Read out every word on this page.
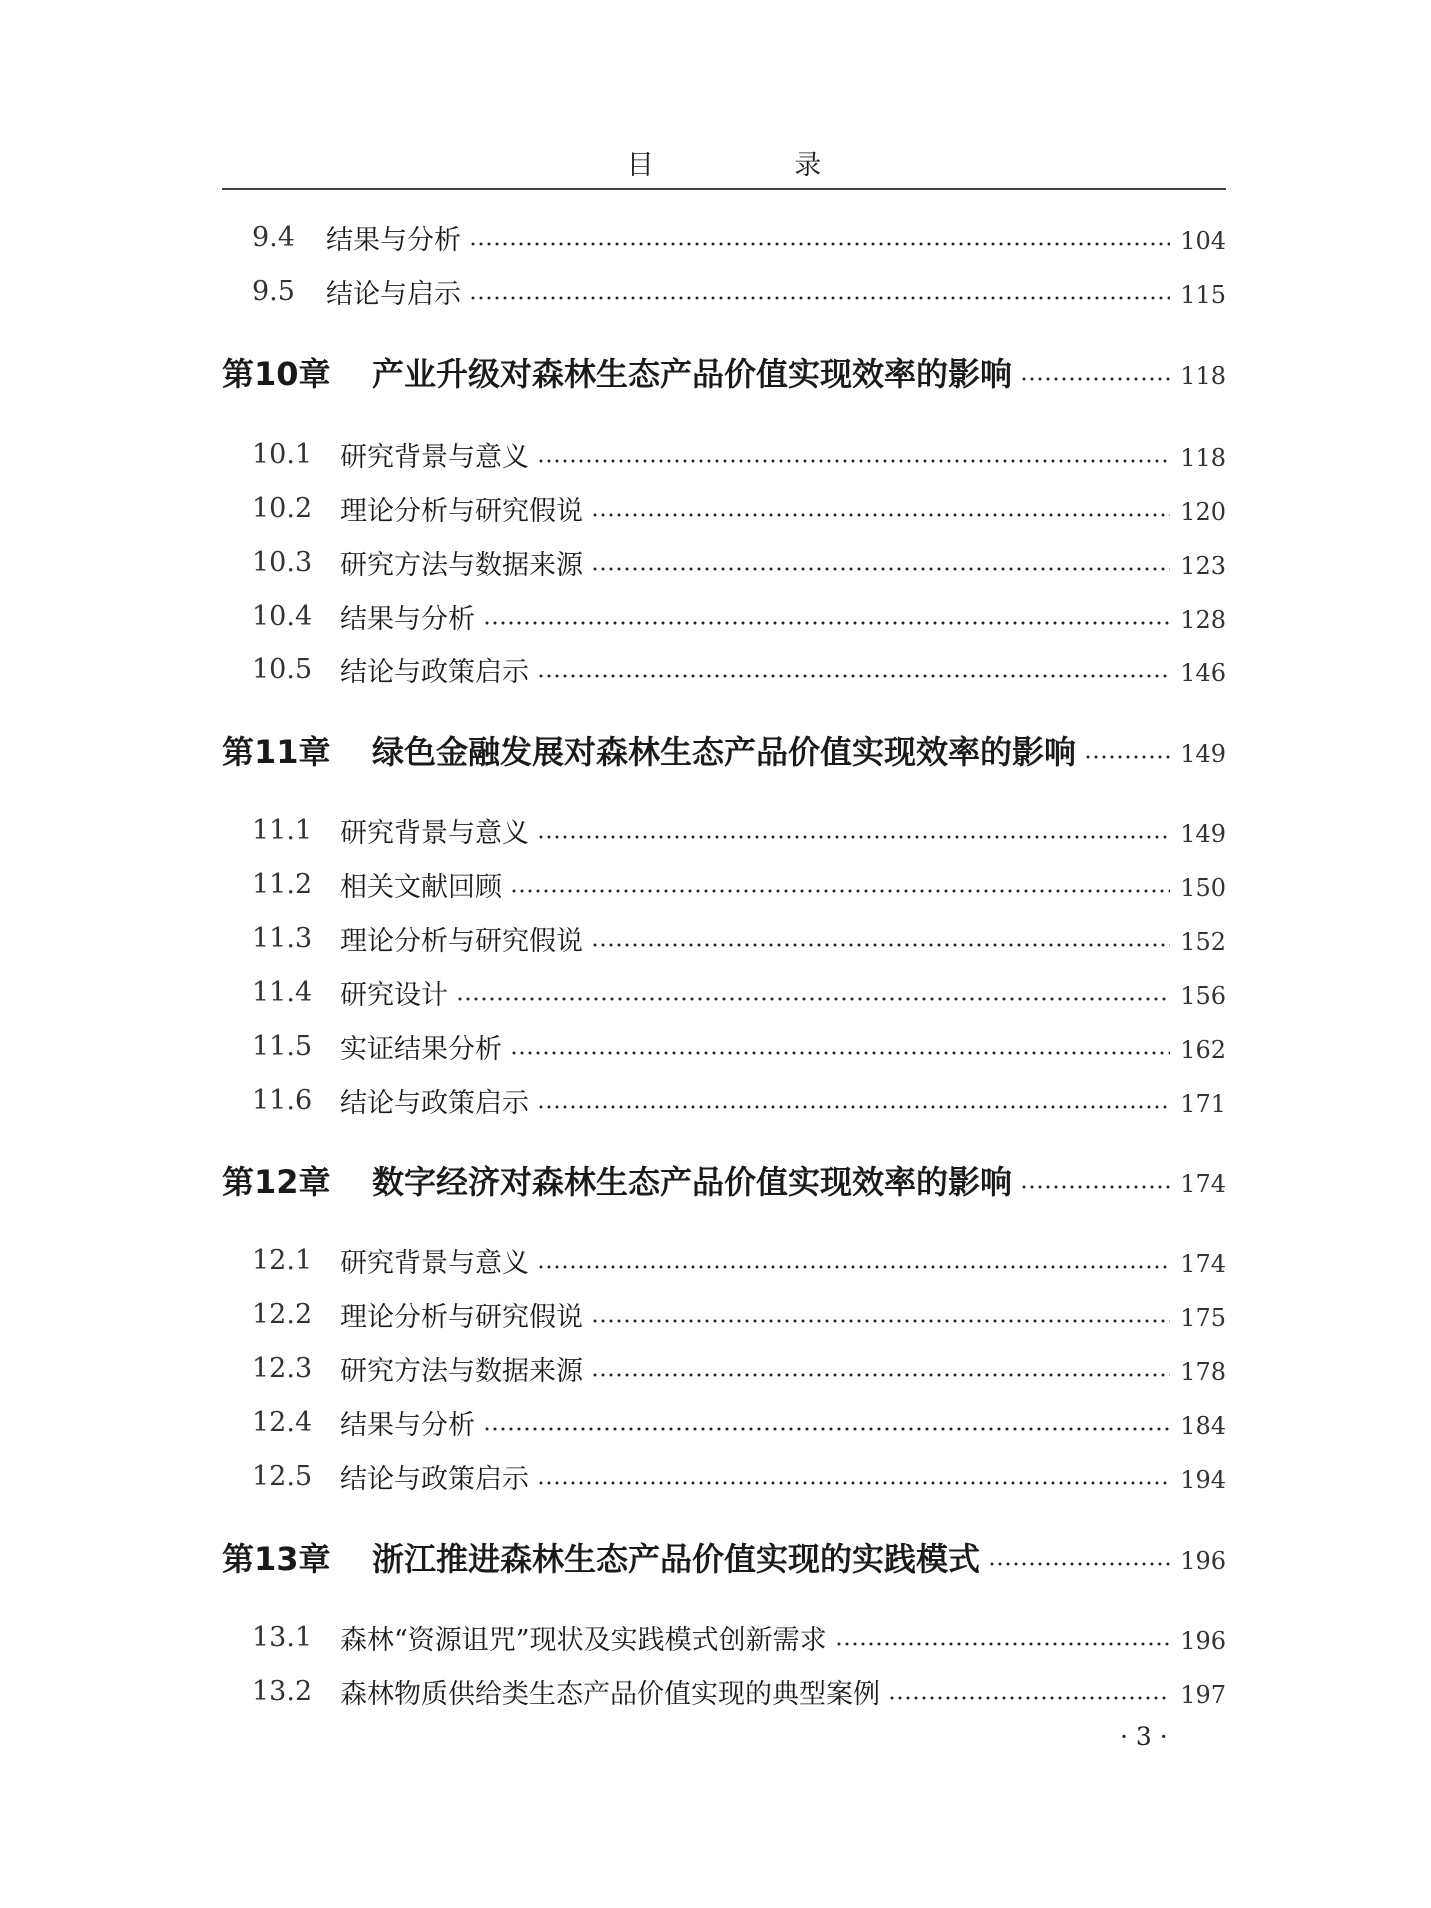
目 录
9.4	结果与分析	104
9.5	结论与启示	115
第10章	产业升级对森林生态产品价值实现效率的影响	118
10.1	研究背景与意义	118
10.2	理论分析与研究假说	120
10.3	研究方法与数据来源	123
10.4	结果与分析	128
10.5	结论与政策启示	146
第11章	绿色金融发展对森林生态产品价值实现效率的影响	149
11.1	研究背景与意义	149
11.2	相关文献回顾	150
11.3	理论分析与研究假说	152
11.4	研究设计	156
11.5	实证结果分析	162
11.6	结论与政策启示	171
第12章	数字经济对森林生态产品价值实现效率的影响	174
12.1	研究背景与意义	174
12.2	理论分析与研究假说	175
12.3	研究方法与数据来源	178
12.4	结果与分析	184
12.5	结论与政策启示	194
第13章	浙江推进森林生态产品价值实现的实践模式	196
13.1	森林“资源诅咒”现状及实践模式创新需求	196
13.2	森林物质供给类生态产品价值实现的典型案例	197
· 3 ·
